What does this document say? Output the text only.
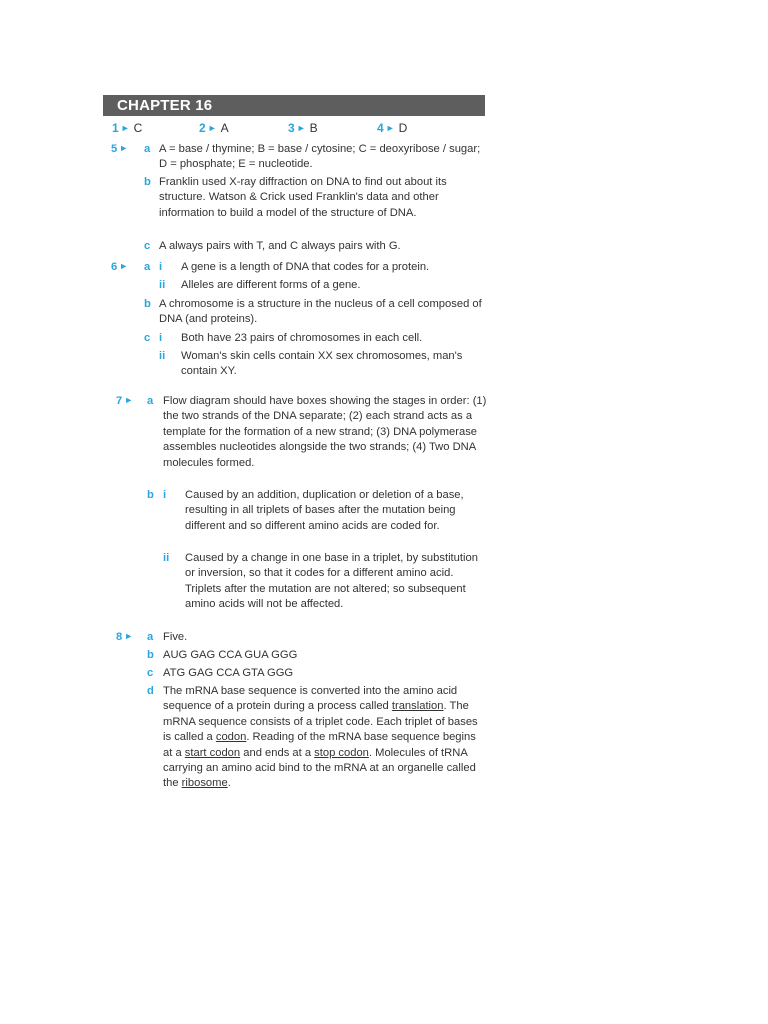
CHAPTER 16
1 ► C	2 ► A	3 ► B	4 ► D
5 ►	a A = base / thymine; B = base / cytosine; C = deoxyribose / sugar; D = phosphate; E = nucleotide.
b Franklin used X-ray diffraction on DNA to find out about its structure. Watson & Crick used Franklin's data and other information to build a model of the structure of DNA.
c A always pairs with T, and C always pairs with G.
6 ►	a i A gene is a length of DNA that codes for a protein.
ii Alleles are different forms of a gene.
b A chromosome is a structure in the nucleus of a cell composed of DNA (and proteins).
c i Both have 23 pairs of chromosomes in each cell.
ii Woman's skin cells contain XX sex chromosomes, man's contain XY.
7 ►	a Flow diagram should have boxes showing the stages in order: (1) the two strands of the DNA separate; (2) each strand acts as a template for the formation of a new strand; (3) DNA polymerase assembles nucleotides alongside the two strands; (4) Two DNA molecules formed.
b i Caused by an addition, duplication or deletion of a base, resulting in all triplets of bases after the mutation being different and so different amino acids are coded for.
ii Caused by a change in one base in a triplet, by substitution or inversion, so that it codes for a different amino acid. Triplets after the mutation are not altered; so subsequent amino acids will not be affected.
8 ►	a Five.
b AUG GAG CCA GUA GGG
c ATG GAG CCA GTA GGG
d The mRNA base sequence is converted into the amino acid sequence of a protein during a process called translation. The mRNA sequence consists of a triplet code. Each triplet of bases is called a codon. Reading of the mRNA base sequence begins at a start codon and ends at a stop codon. Molecules of tRNA carrying an amino acid bind to the mRNA at an organelle called the ribosome.
